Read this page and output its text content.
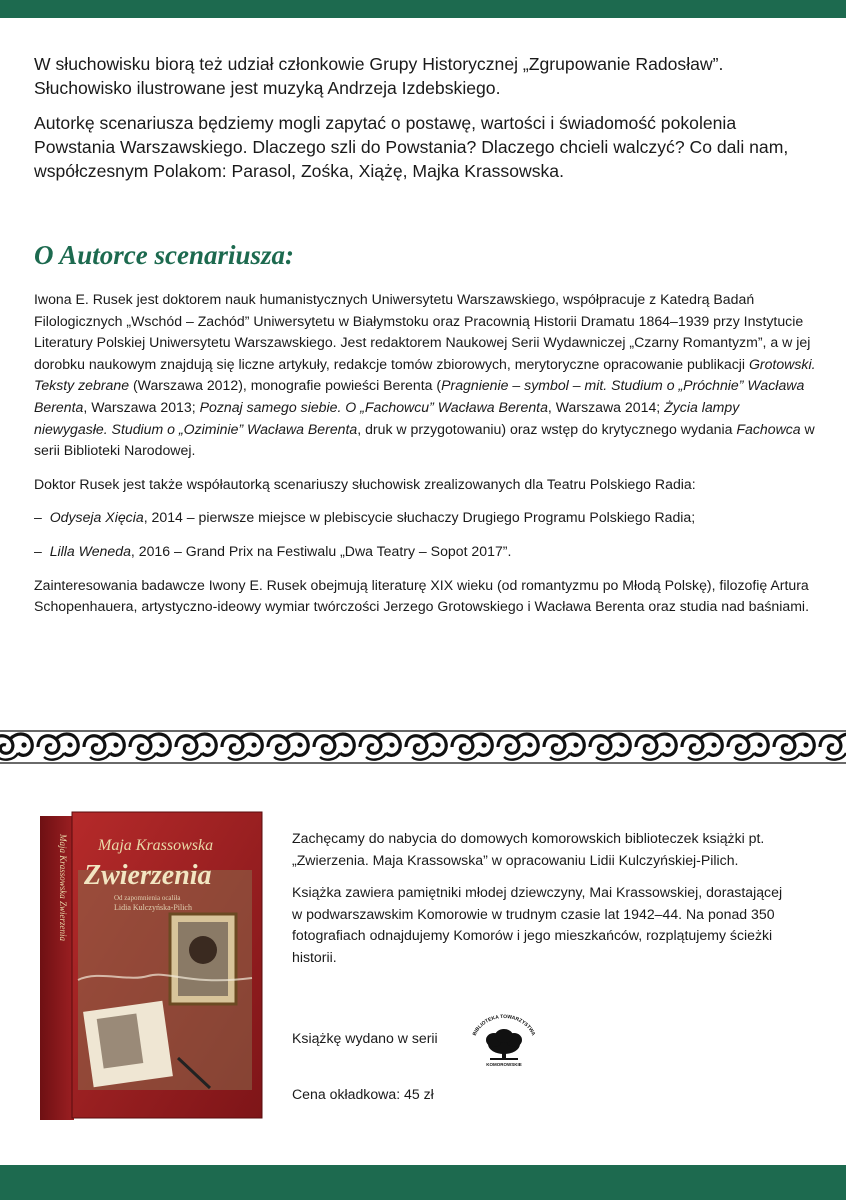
W słuchowisku biorą też udział członkowie Grupy Historycznej „Zgrupowanie Radosław”. Słuchowisko ilustrowane jest muzyką Andrzeja Izdebskiego.

Autorkę scenariusza będziemy mogli zapytać o postawę, wartości i świadomość pokolenia Powstania Warszawskiego. Dlaczego szli do Powstania? Dlaczego chcieli walczyć? Co dali nam, współczesnym Polakom: Parasol, Zośka, Xiążę, Majka Krassowska.

O Autorce scenariusza:

Iwona E. Rusek jest doktorem nauk humanistycznych Uniwersytetu Warszawskiego, współpracuje z Katedrą Badań Filologicznych „Wschód – Zachód” Uniwersytetu w Białymstoku oraz Pracownią Historii Dramatu 1864–1939 przy Instytucie Literatury Polskiej Uniwersytetu Warszawskiego. Jest redaktorem Naukowej Serii Wydawniczej „Czarny Romantyzm”, a w jej dorobku naukowym znajdują się liczne artykuły, redakcje tomów zbiorowych, merytoryczne opracowanie publikacji Grotowski. Teksty zebrane (Warszawa 2012), monografie powieści Berenta (Pragnienie – symbol – mit. Studium o „Próchnie” Wacława Berenta, Warszawa 2013; Poznaj samego siebie. O „Fachowcu” Wacława Berenta, Warszawa 2014; Życia lampy niewygasłe. Studium o „Oziminie” Wacława Berenta, druk w przygotowaniu) oraz wstęp do krytycznego wydania Fachowca w serii Biblioteki Narodowej.

Doktor Rusek jest także współautorką scenariuszy słuchowisk zrealizowanych dla Teatru Polskiego Radia:

– Odyseja Xięcia, 2014 – pierwsze miejsce w plebiscycie słuchaczy Drugiego Programu Polskiego Radia;

– Lilla Weneda, 2016 – Grand Prix na Festiwalu „Dwa Teatry – Sopot 2017”.

Zainteresowania badawcze Iwony E. Rusek obejmują literaturę XIX wieku (od romantyzmu po Młodą Polskę), filozofię Artura Schopenhauera, artystyczno-ideowy wymiar twórczości Jerzego Grotowskiego i Wacława Berenta oraz studia nad baśniami.

Maja Krassowska
Zwierzenia
Od zapomnienia ocaliła
Lidia Kulczyńska-Pilich
Maja Krassowska Zwierzenia	Zachęcamy do nabycia do domowych komorowskich biblioteczek książki pt. „Zwierzenia. Maja Krassowska” w opracowaniu Lidii Kulczyńskiej-Pilich.

Książka zawiera pamiętniki młodej dziewczyny, Mai Krassowskiej, dorastającej w podwarszawskim Komorowie w trudnym czasie lat 1942–44. Na ponad 350 fotografiach odnajdujemy Komorów i jego mieszkańców, rozplątujemy ścieżki historii.

Książkę wydano w serii	BIBLIOTEKA TOWARZYSTWA
KOMOROWSKIE
Cena okładkowa: 45 zł
